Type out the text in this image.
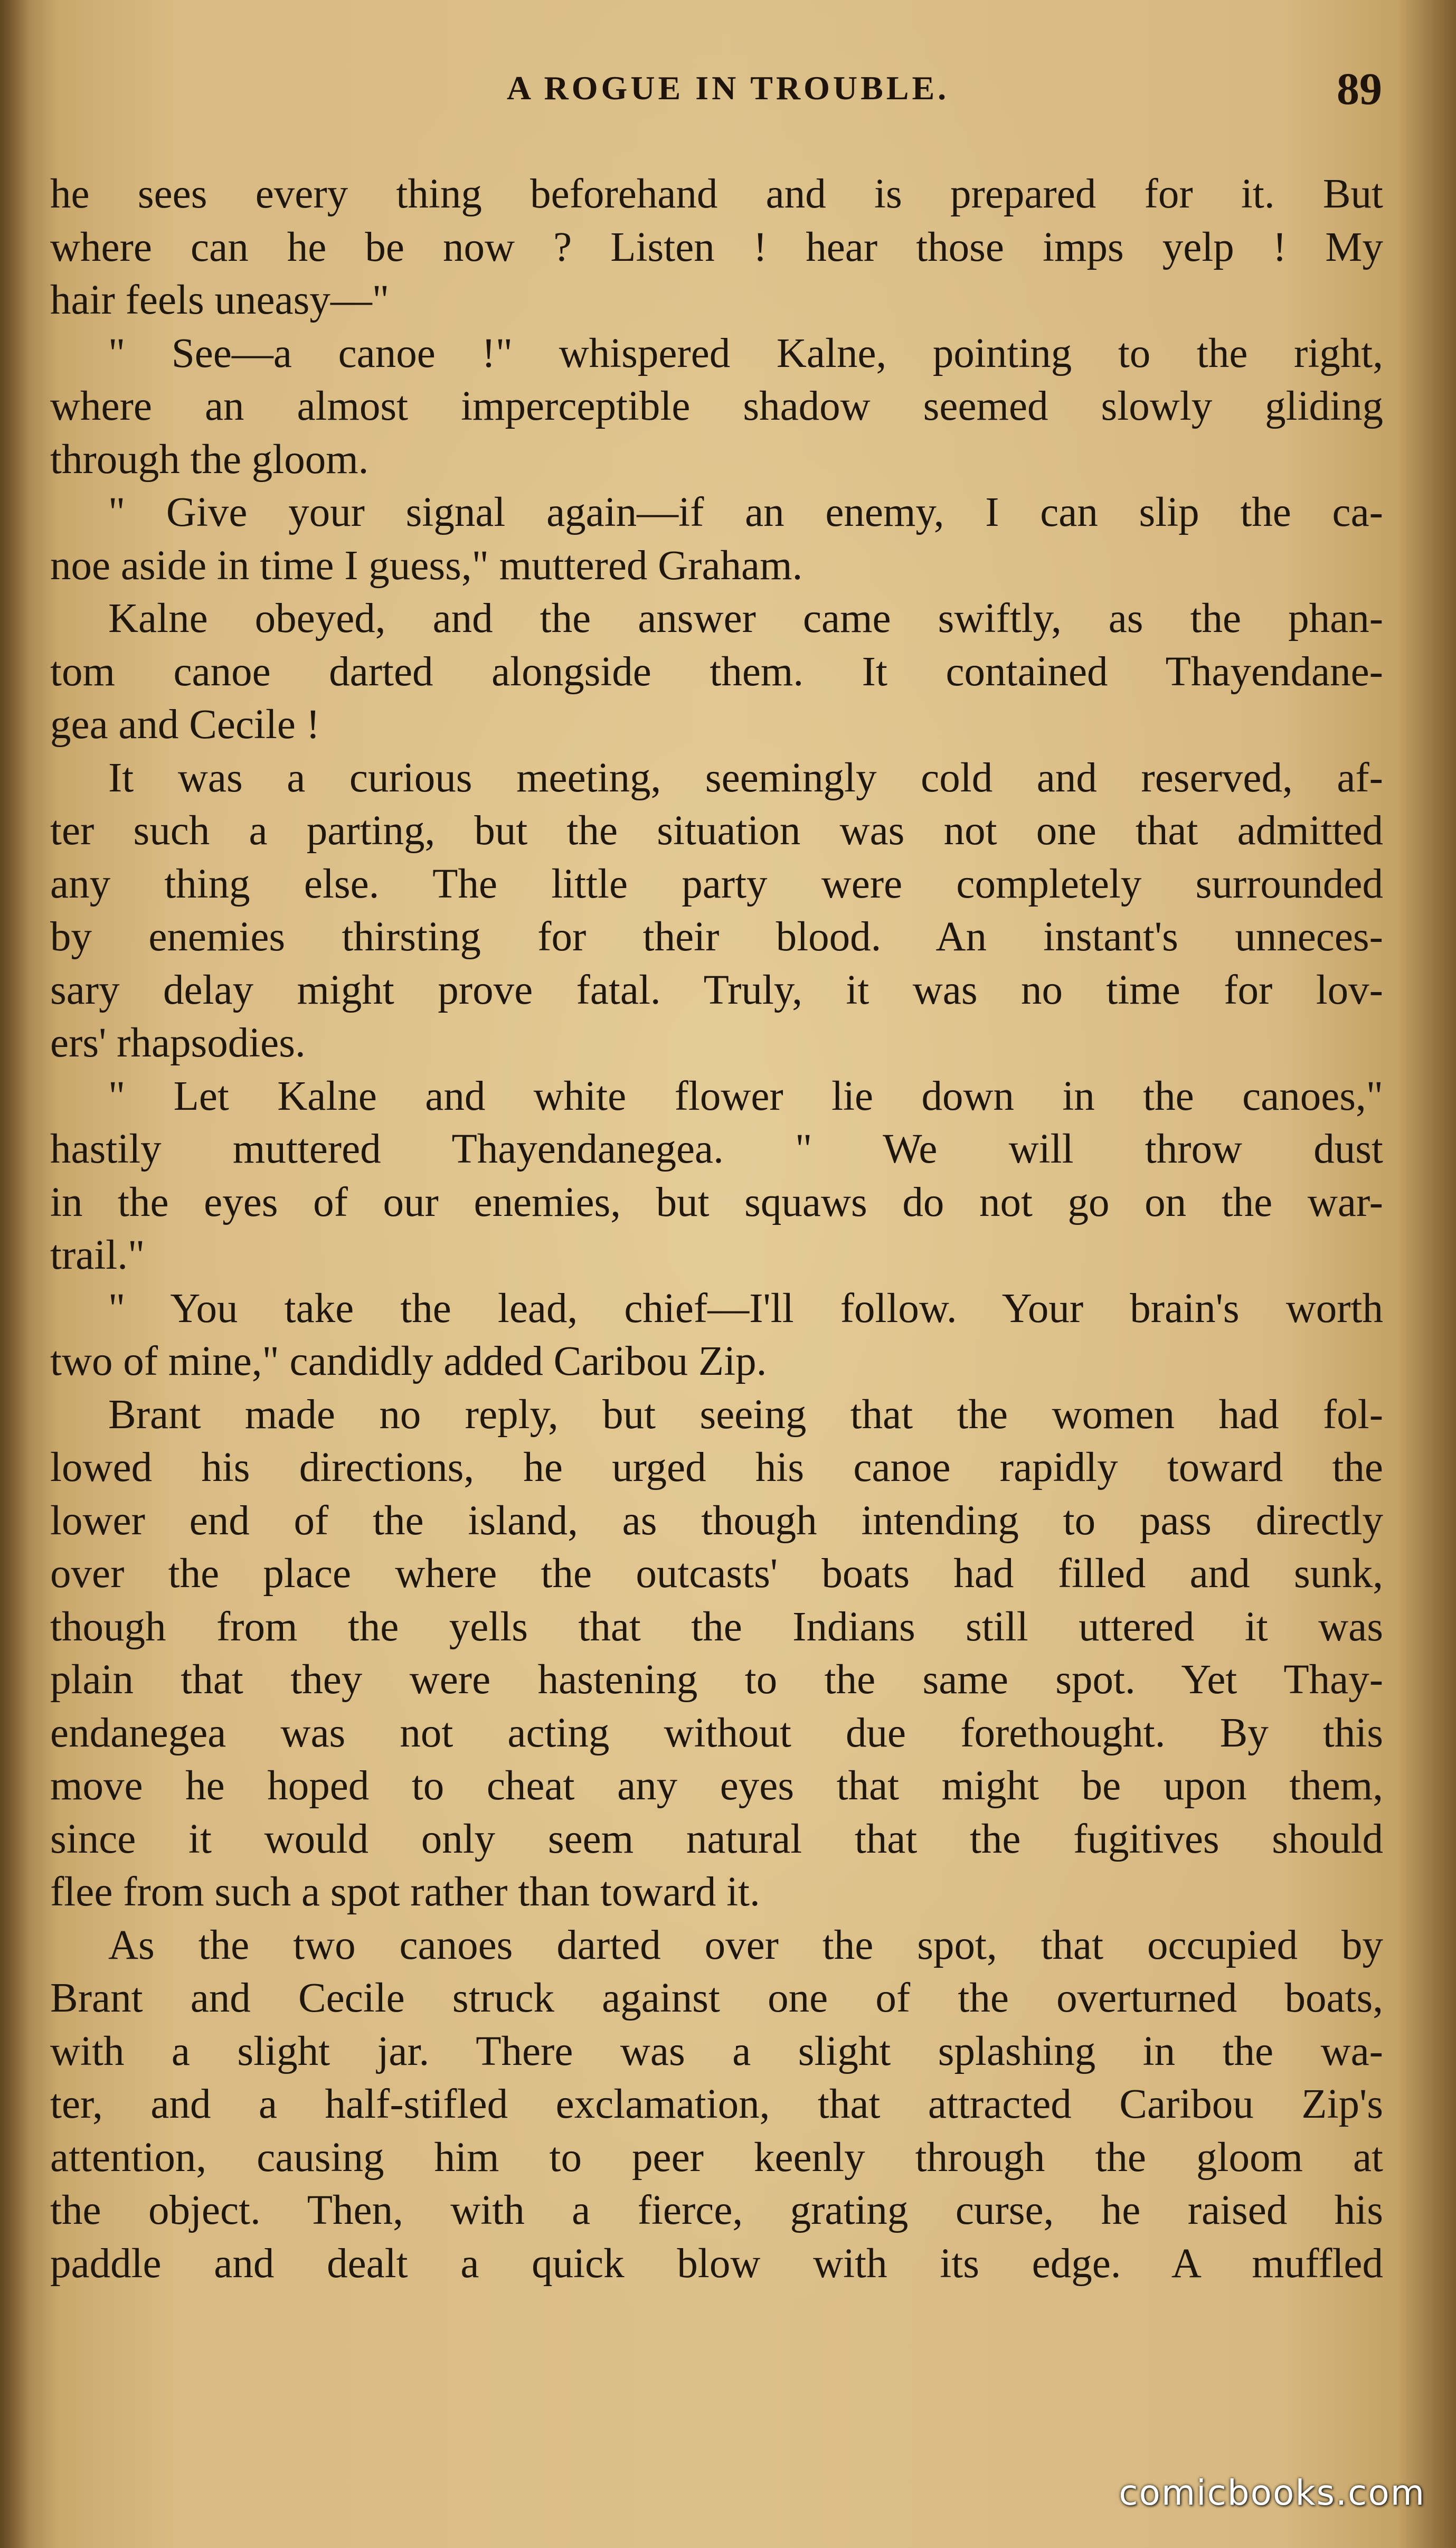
A ROGUE IN TROUBLE.	89
he sees every thing beforehand and is prepared for it. But
where can he be now ? Listen ! hear those imps yelp ! My
hair feels uneasy—"
" See—a canoe !" whispered Kalne, pointing to the right,
where an almost imperceptible shadow seemed slowly gliding
through the gloom.
" Give your signal again—if an enemy, I can slip the ca-
noe aside in time I guess," muttered Graham.
Kalne obeyed, and the answer came swiftly, as the phan-
tom canoe darted alongside them. It contained Thayendane-
gea and Cecile !
It was a curious meeting, seemingly cold and reserved, af-
ter such a parting, but the situation was not one that admitted
any thing else. The little party were completely surrounded
by enemies thirsting for their blood. An instant's unneces-
sary delay might prove fatal. Truly, it was no time for lov-
ers' rhapsodies.
" Let Kalne and white flower lie down in the canoes,"
hastily muttered Thayendanegea. " We will throw dust
in the eyes of our enemies, but squaws do not go on the war-
trail."
" You take the lead, chief—I'll follow. Your brain's worth
two of mine," candidly added Caribou Zip.
Brant made no reply, but seeing that the women had fol-
lowed his directions, he urged his canoe rapidly toward the
lower end of the island, as though intending to pass directly
over the place where the outcasts' boats had filled and sunk,
though from the yells that the Indians still uttered it was
plain that they were hastening to the same spot. Yet Thay-
endanegea was not acting without due forethought. By this
move he hoped to cheat any eyes that might be upon them,
since it would only seem natural that the fugitives should
flee from such a spot rather than toward it.
As the two canoes darted over the spot, that occupied by
Brant and Cecile struck against one of the overturned boats,
with a slight jar. There was a slight splashing in the wa-
ter, and a half-stifled exclamation, that attracted Caribou Zip's
attention, causing him to peer keenly through the gloom at
the object. Then, with a fierce, grating curse, he raised his
paddle and dealt a quick blow with its edge. A muffled
comicbooks.com
